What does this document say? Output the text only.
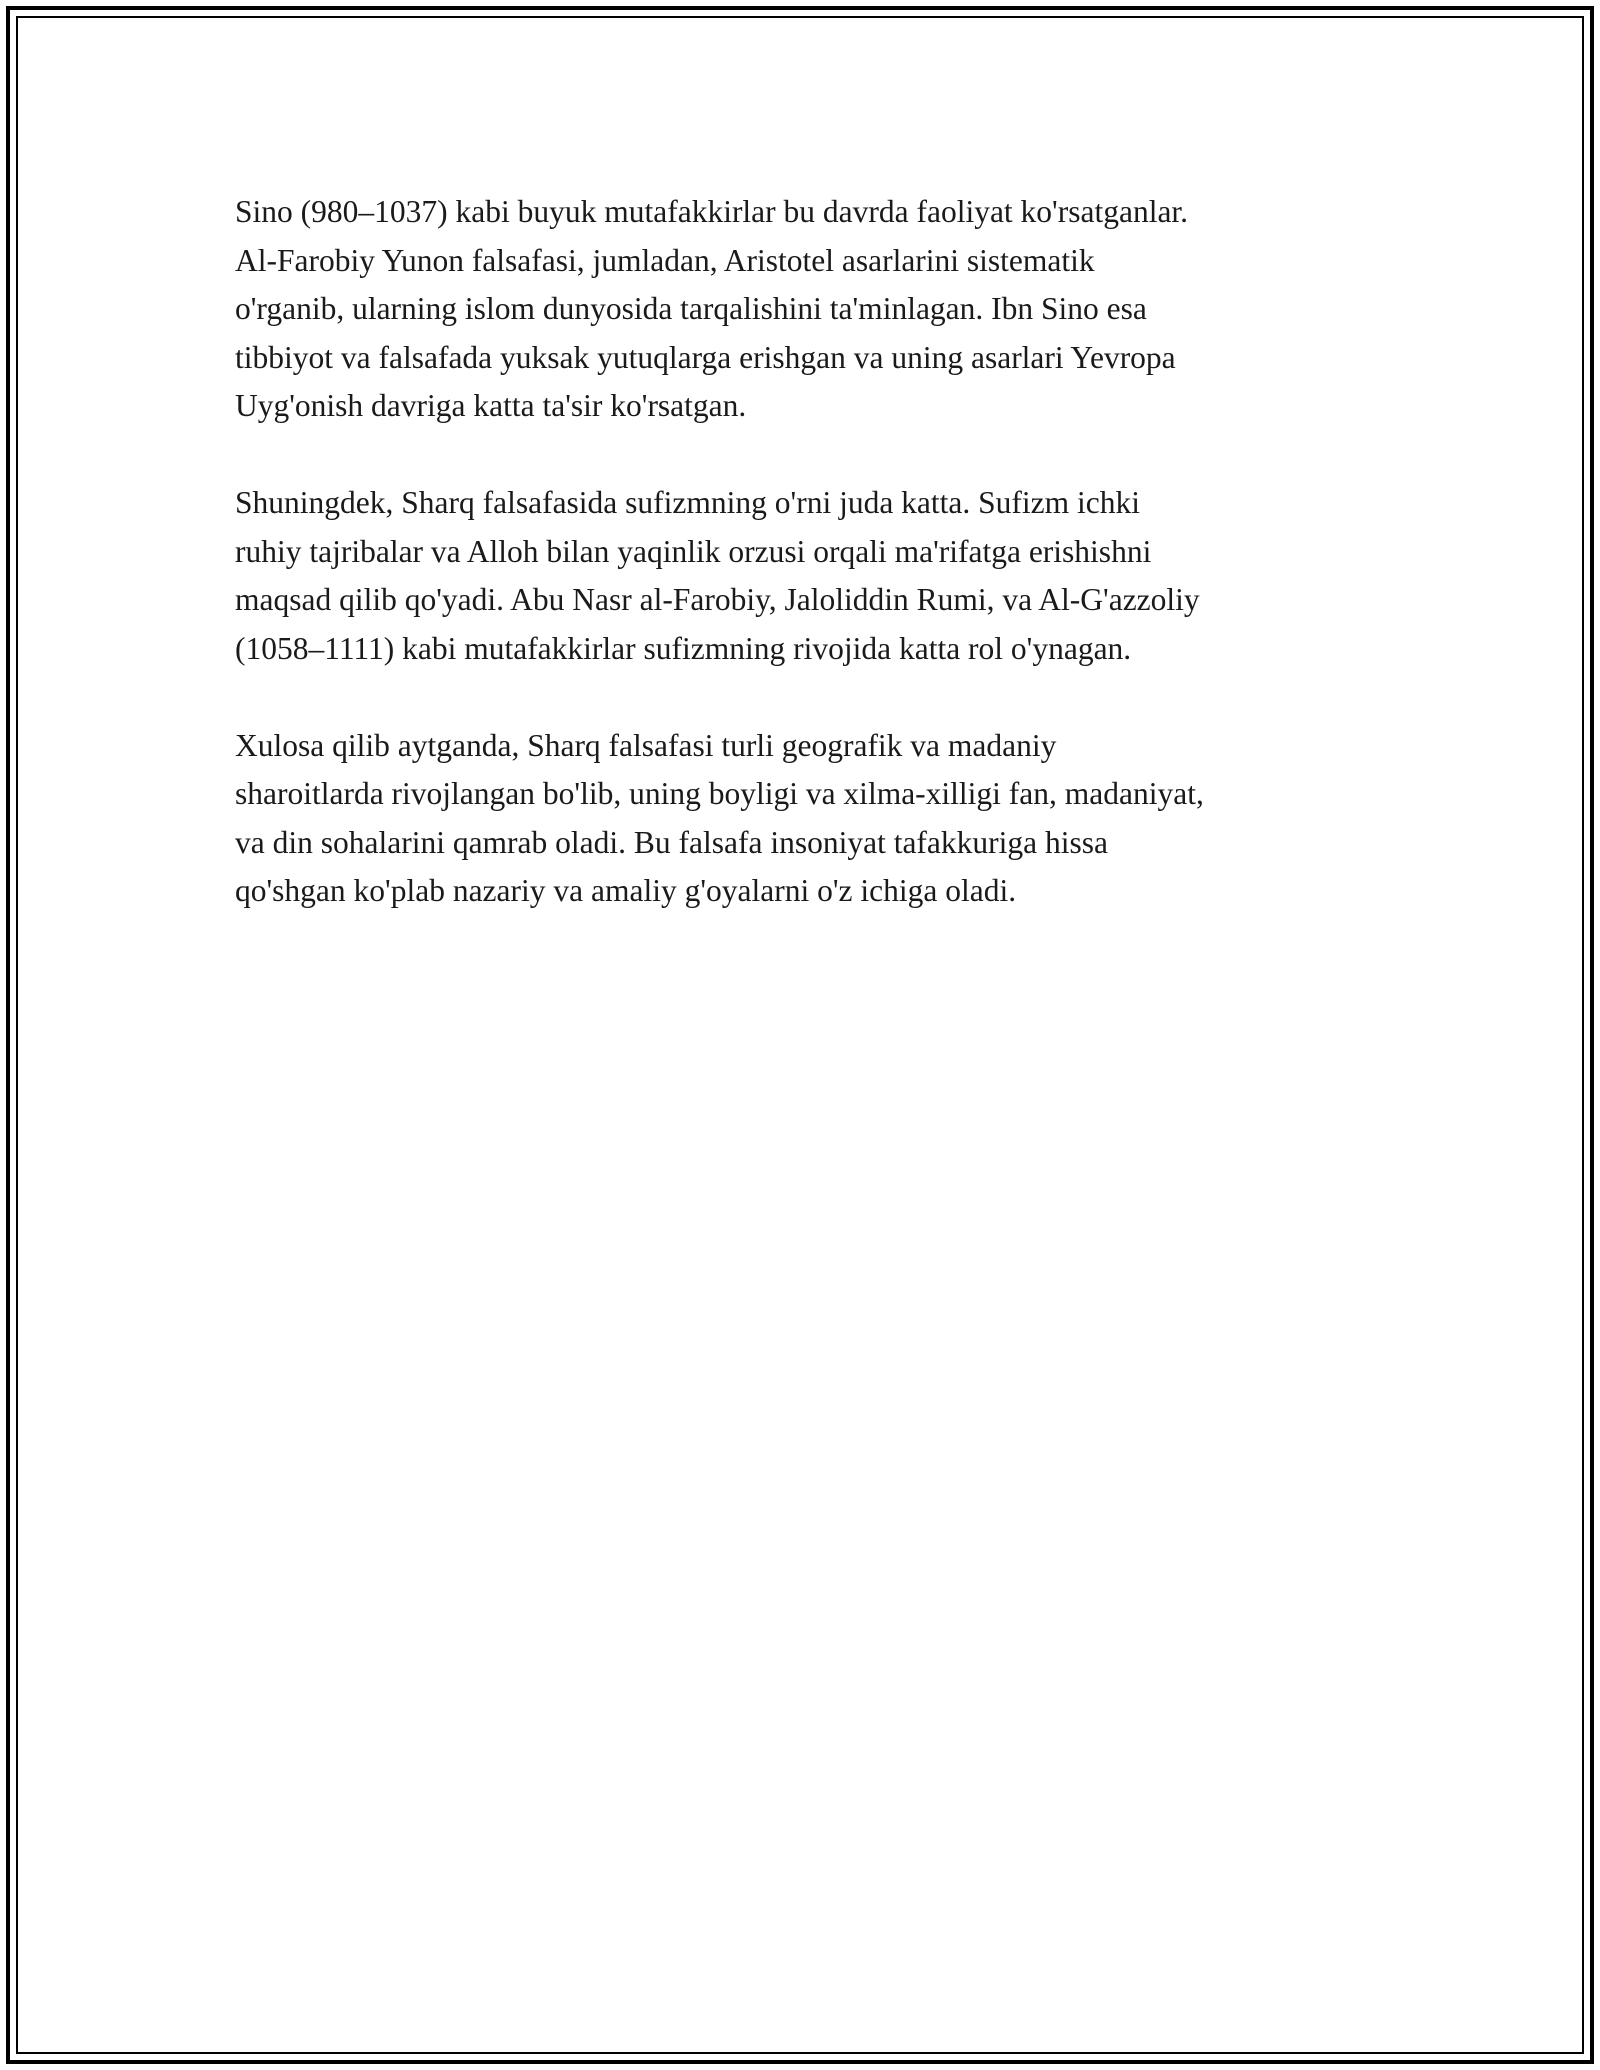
Sino (980–1037) kabi buyuk mutafakkirlar bu davrda faoliyat ko'rsatganlar.
Al-Farobiy Yunon falsafasi, jumladan, Aristotel asarlarini sistematik
o'rganib, ularning islom dunyosida tarqalishini ta'minlagan. Ibn Sino esa
tibbiyot va falsafada yuksak yutuqlarga erishgan va uning asarlari Yevropa
Uyg'onish davriga katta ta'sir ko'rsatgan.

Shuningdek, Sharq falsafasida sufizmning o'rni juda katta. Sufizm ichki
ruhiy tajribalar va Alloh bilan yaqinlik orzusi orqali ma'rifatga erishishni
maqsad qilib qo'yadi. Abu Nasr al-Farobiy, Jaloliddin Rumi, va Al-G'azzoliy
(1058–1111) kabi mutafakkirlar sufizmning rivojida katta rol o'ynagan.

Xulosa qilib aytganda, Sharq falsafasi turli geografik va madaniy
sharoitlarda rivojlangan bo'lib, uning boyligi va xilma-xilligi fan, madaniyat,
va din sohalarini qamrab oladi. Bu falsafa insoniyat tafakkuriga hissa
qo'shgan ko'plab nazariy va amaliy g'oyalarni o'z ichiga oladi.
